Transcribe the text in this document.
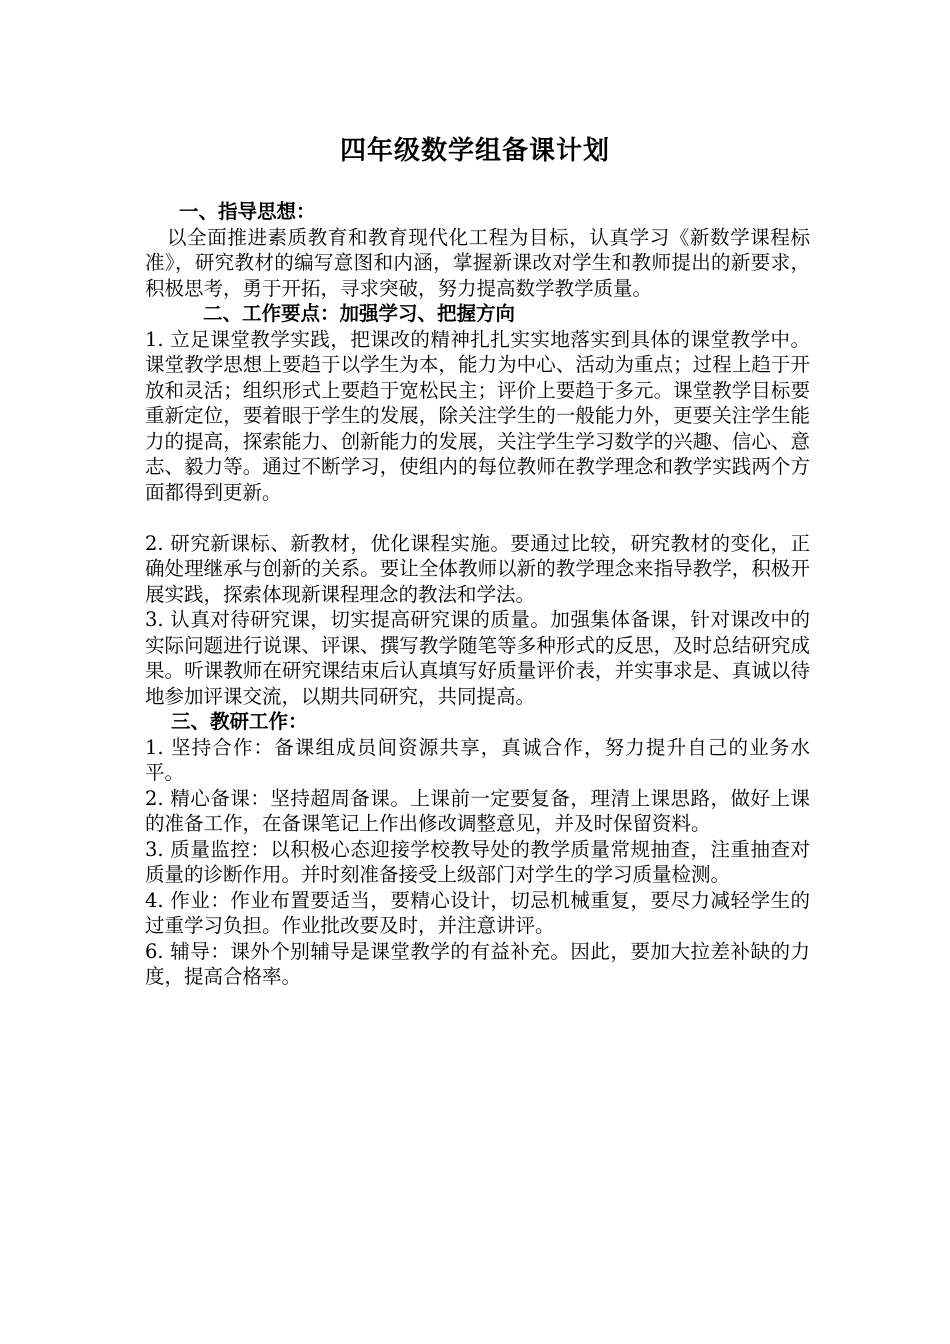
四年级数学组备课计划

一、指导思想：

以全面推进素质教育和教育现代化工程为目标，认真学习《新数学课程标准》，研究教材的编写意图和内涵，掌握新课改对学生和教师提出的新要求，积极思考，勇于开拓，寻求突破，努力提高数学教学质量。

二、工作要点：加强学习、把握方向

1. 立足课堂教学实践，把课改的精神扎扎实实地落实到具体的课堂教学中。课堂教学思想上要趋于以学生为本，能力为中心、活动为重点；过程上趋于开放和灵活；组织形式上要趋于宽松民主；评价上要趋于多元。课堂教学目标要重新定位，要着眼于学生的发展，除关注学生的一般能力外，更要关注学生能力的提高，探索能力、创新能力的发展，关注学生学习数学的兴趣、信心、意志、毅力等。通过不断学习，使组内的每位教师在教学理念和教学实践两个方面都得到更新。

2. 研究新课标、新教材，优化课程实施。要通过比较，研究教材的变化，正确处理继承与创新的关系。要让全体教师以新的教学理念来指导教学，积极开展实践，探索体现新课程理念的教法和学法。

3. 认真对待研究课，切实提高研究课的质量。加强集体备课，针对课改中的实际问题进行说课、评课、撰写教学随笔等多种形式的反思，及时总结研究成果。听课教师在研究课结束后认真填写好质量评价表，并实事求是、真诚以待地参加评课交流，以期共同研究，共同提高。

三、教研工作：

1. 坚持合作：备课组成员间资源共享，真诚合作，努力提升自己的业务水平。

2. 精心备课：坚持超周备课。上课前一定要复备，理清上课思路，做好上课的准备工作，在备课笔记上作出修改调整意见，并及时保留资料。

3. 质量监控：以积极心态迎接学校教导处的教学质量常规抽查，注重抽查对质量的诊断作用。并时刻准备接受上级部门对学生的学习质量检测。

4. 作业：作业布置要适当，要精心设计，切忌机械重复，要尽力减轻学生的过重学习负担。作业批改要及时，并注意讲评。

6. 辅导：课外个别辅导是课堂教学的有益补充。因此，要加大拉差补缺的力度，提高合格率。
